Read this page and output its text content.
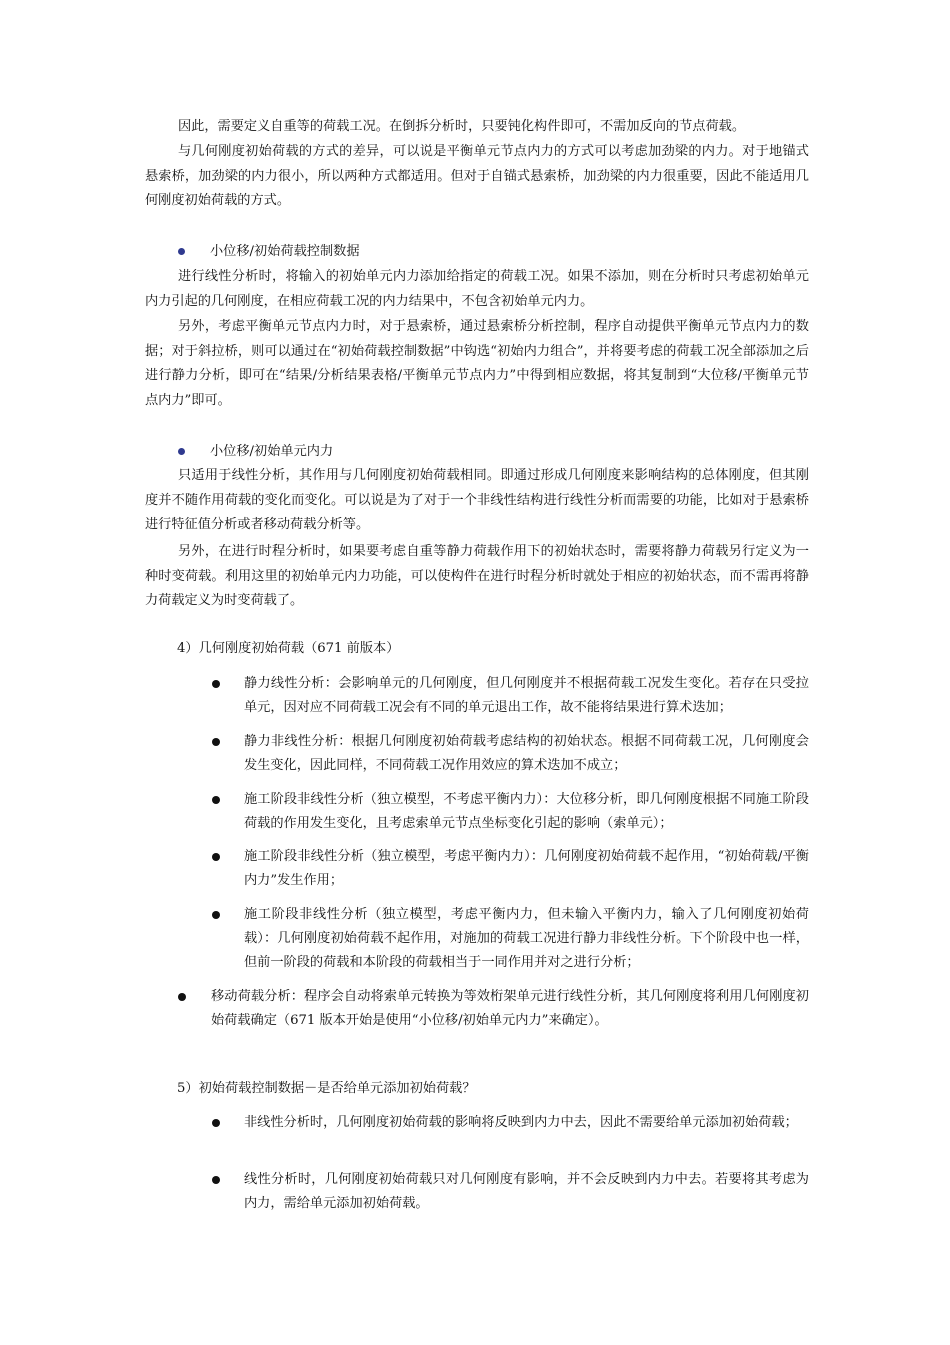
因此，需要定义自重等的荷载工况。在倒拆分析时，只要钝化构件即可，不需加反向的节点荷载。

与几何刚度初始荷载的方式的差异，可以说是平衡单元节点内力的方式可以考虑加劲梁的内力。对于地锚式悬索桥，加劲梁的内力很小，所以两种方式都适用。但对于自锚式悬索桥，加劲梁的内力很重要，因此不能适用几何刚度初始荷载的方式。

小位移/初始荷载控制数据

进行线性分析时，将输入的初始单元内力添加给指定的荷载工况。如果不添加，则在分析时只考虑初始单元内力引起的几何刚度，在相应荷载工况的内力结果中，不包含初始单元内力。

另外，考虑平衡单元节点内力时，对于悬索桥，通过悬索桥分析控制，程序自动提供平衡单元节点内力的数据；对于斜拉桥，则可以通过在“初始荷载控制数据”中钩选“初始内力组合”，并将要考虑的荷载工况全部添加之后进行静力分析，即可在“结果/分析结果表格/平衡单元节点内力”中得到相应数据，将其复制到“大位移/平衡单元节点内力”即可。

小位移/初始单元内力

只适用于线性分析，其作用与几何刚度初始荷载相同。即通过形成几何刚度来影响结构的总体刚度，但其刚度并不随作用荷载的变化而变化。可以说是为了对于一个非线性结构进行线性分析而需要的功能，比如对于悬索桥进行特征值分析或者移动荷载分析等。

另外，在进行时程分析时，如果要考虑自重等静力荷载作用下的初始状态时，需要将静力荷载另行定义为一种时变荷载。利用这里的初始单元内力功能，可以使构件在进行时程分析时就处于相应的初始状态，而不需再将静力荷载定义为时变荷载了。

4）几何刚度初始荷载（671 前版本）

静力线性分析：会影响单元的几何刚度，但几何刚度并不根据荷载工况发生变化。若存在只受拉单元，因对应不同荷载工况会有不同的单元退出工作，故不能将结果进行算术迭加；

静力非线性分析：根据几何刚度初始荷载考虑结构的初始状态。根据不同荷载工况，几何刚度会发生变化，因此同样，不同荷载工况作用效应的算术迭加不成立；

施工阶段非线性分析（独立模型，不考虑平衡内力）：大位移分析，即几何刚度根据不同施工阶段荷载的作用发生变化，且考虑索单元节点坐标变化引起的影响（索单元）；

施工阶段非线性分析（独立模型，考虑平衡内力）：几何刚度初始荷载不起作用，“初始荷载/平衡内力”发生作用；

施工阶段非线性分析（独立模型，考虑平衡内力，但未输入平衡内力，输入了几何刚度初始荷载）：几何刚度初始荷载不起作用，对施加的荷载工况进行静力非线性分析。下个阶段中也一样，但前一阶段的荷载和本阶段的荷载相当于一同作用并对之进行分析；

移动荷载分析：程序会自动将索单元转换为等效桁架单元进行线性分析，其几何刚度将利用几何刚度初始荷载确定（671 版本开始是使用“小位移/初始单元内力”来确定）。

5）初始荷载控制数据－是否给单元添加初始荷载？

非线性分析时，几何刚度初始荷载的影响将反映到内力中去，因此不需要给单元添加初始荷载；

线性分析时，几何刚度初始荷载只对几何刚度有影响，并不会反映到内力中去。若要将其考虑为内力，需给单元添加初始荷载。
